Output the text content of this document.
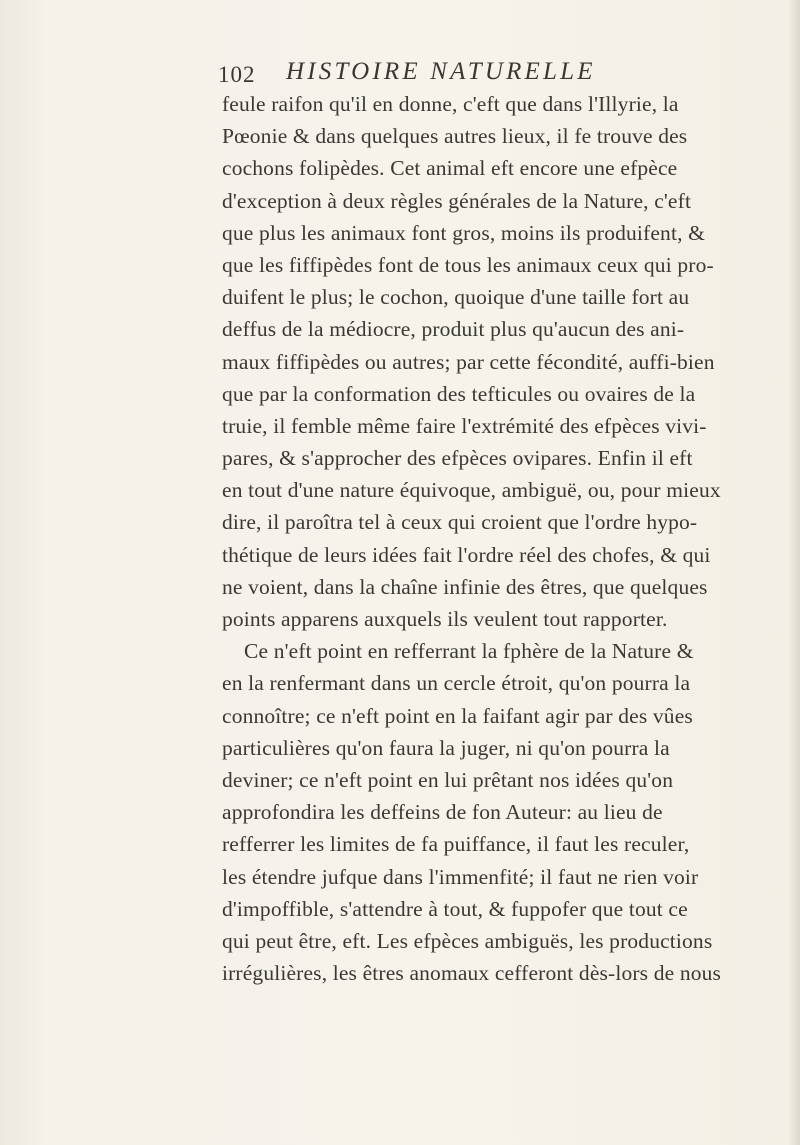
102 HISTOIRE NATURELLE
feule raifon qu'il en donne, c'eft que dans l'Illyrie, la
Pœonie & dans quelques autres lieux, il fe trouve des
cochons folipèdes. Cet animal eft encore une efpèce
d'exception à deux règles générales de la Nature, c'eft
que plus les animaux font gros, moins ils produifent, &
que les fiffipèdes font de tous les animaux ceux qui pro-
duifent le plus; le cochon, quoique d'une taille fort au
deffus de la médiocre, produit plus qu'aucun des ani-
maux fiffipèdes ou autres; par cette fécondité, auffi-bien
que par la conformation des tefticules ou ovaires de la
truie, il femble même faire l'extrémité des efpèces vivi-
pares, & s'approcher des efpèces ovipares. Enfin il eft
en tout d'une nature équivoque, ambiguë, ou, pour mieux
dire, il paroîtra tel à ceux qui croient que l'ordre hypo-
thétique de leurs idées fait l'ordre réel des chofes, & qui
ne voient, dans la chaîne infinie des êtres, que quelques
points apparens auxquels ils veulent tout rapporter.
Ce n'eft point en refferrant la fphère de la Nature &
en la renfermant dans un cercle étroit, qu'on pourra la
connoître; ce n'eft point en la faifant agir par des vûes
particulières qu'on faura la juger, ni qu'on pourra la
deviner; ce n'eft point en lui prêtant nos idées qu'on
approfondira les deffeins de fon Auteur: au lieu de
refferrer les limites de fa puiffance, il faut les reculer,
les étendre jufque dans l'immenfité; il faut ne rien voir
d'impoffible, s'attendre à tout, & fuppofer que tout ce
qui peut être, eft. Les efpèces ambiguës, les productions
irrégulières, les êtres anomaux cefferont dès-lors de nous
